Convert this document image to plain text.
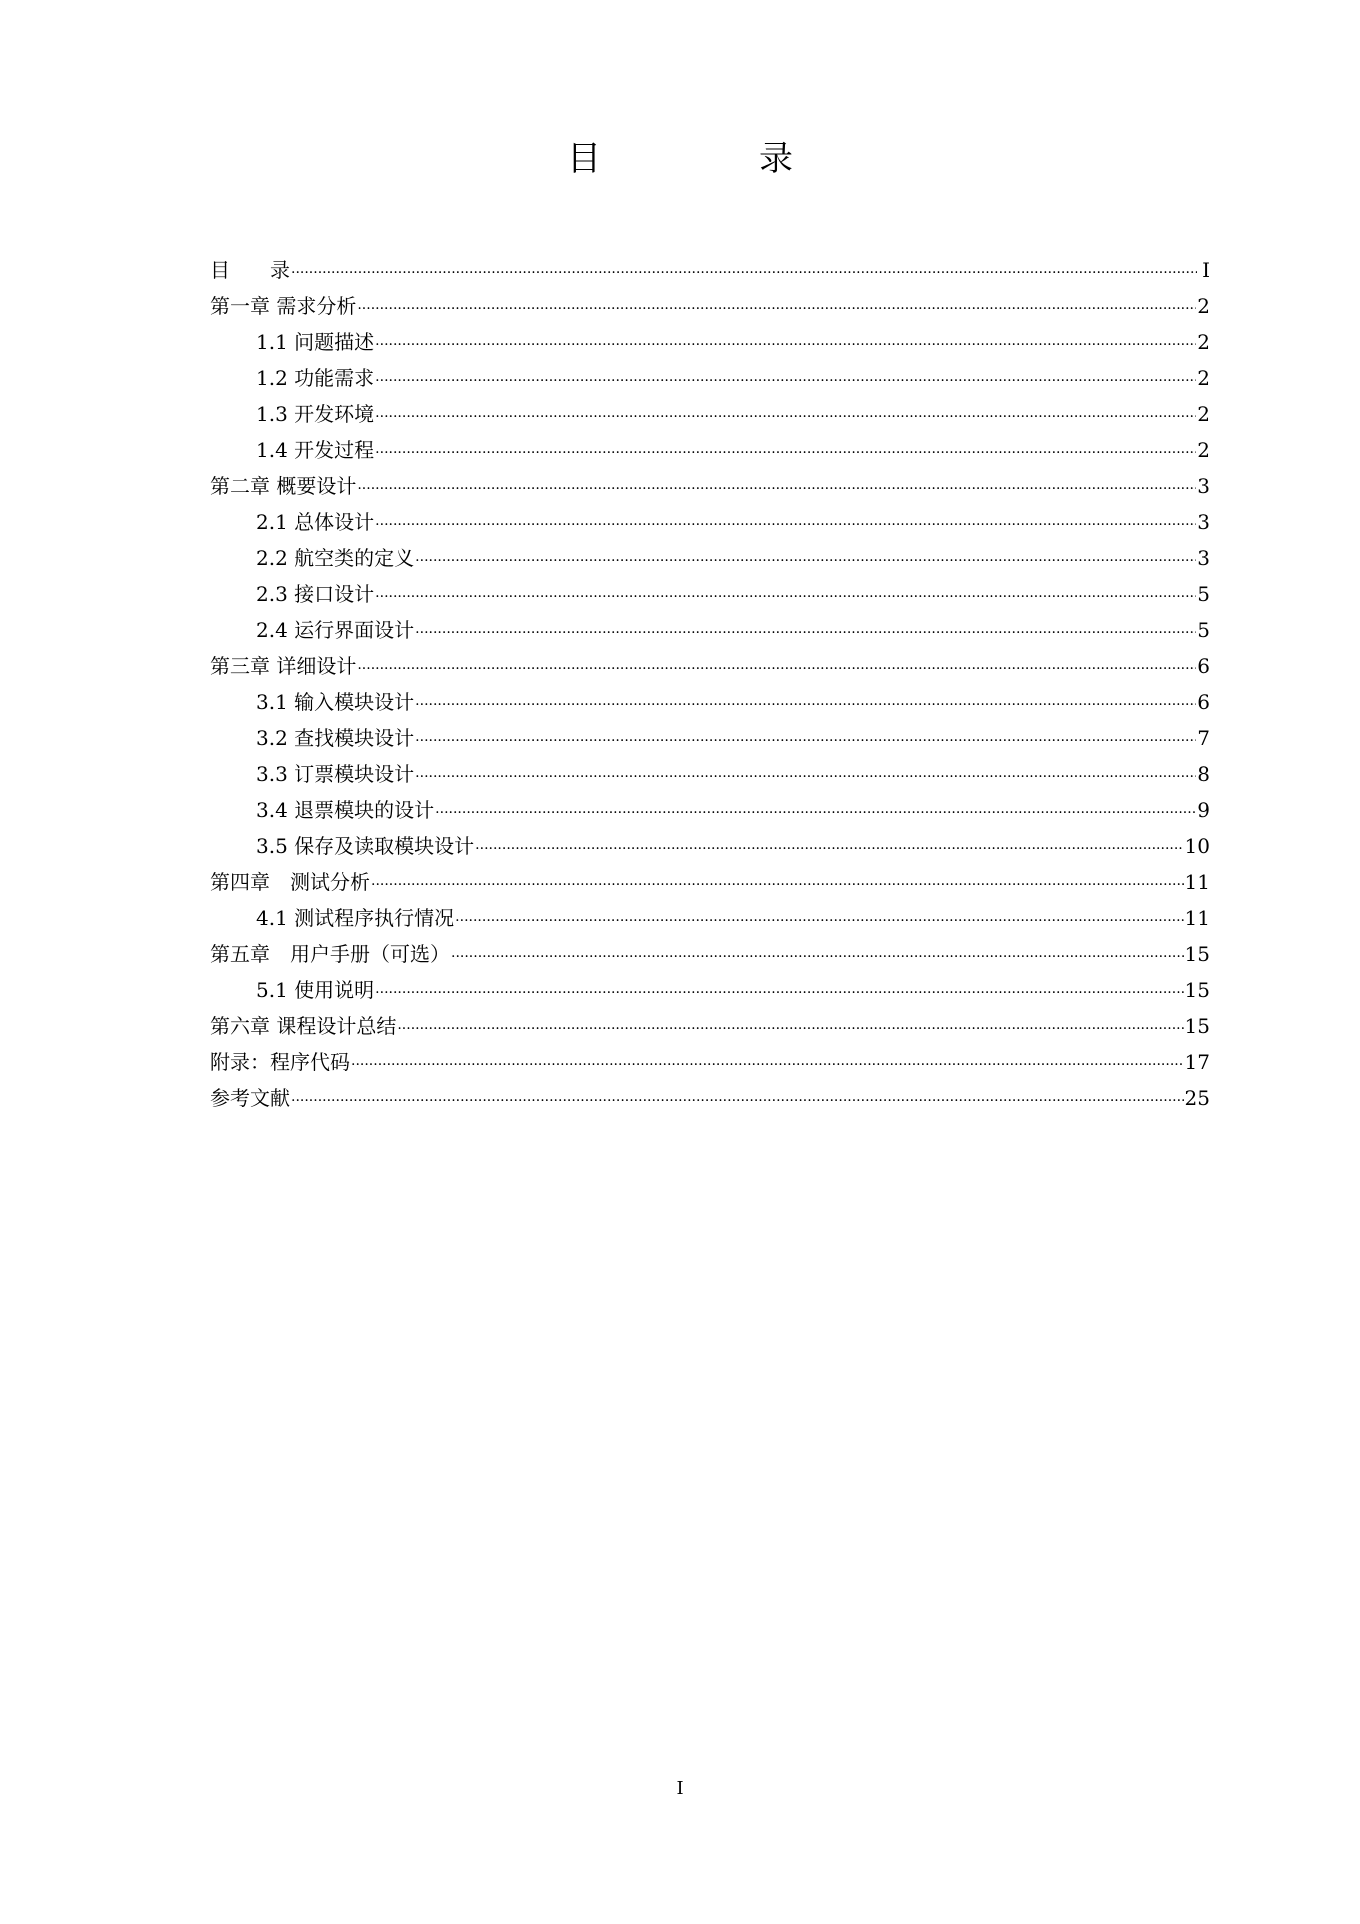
目　录
目　　录 .....	I
第一章 需求分析 .....	2
1.1 问题描述 .....	2
1.2 功能需求 .....	2
1.3 开发环境 .....	2
1.4 开发过程 .....	2
第二章 概要设计 .....	3
2.1 总体设计 .....	3
2.2 航空类的定义 .....	3
2.3 接口设计 .....	5
2.4 运行界面设计 .....	5
第三章 详细设计 .....	6
3.1 输入模块设计 .....	6
3.2 查找模块设计 .....	7
3.3 订票模块设计 .....	8
3.4 退票模块的设计 .....	9
3.5 保存及读取模块设计 .....	10
第四章　测试分析 .....	11
4.1 测试程序执行情况 .....	11
第五章　用户手册（可选） .....	15
5.1 使用说明 .....	15
第六章 课程设计总结 .....	15
附录：程序代码 .....	17
参考文献 .....	25
I
